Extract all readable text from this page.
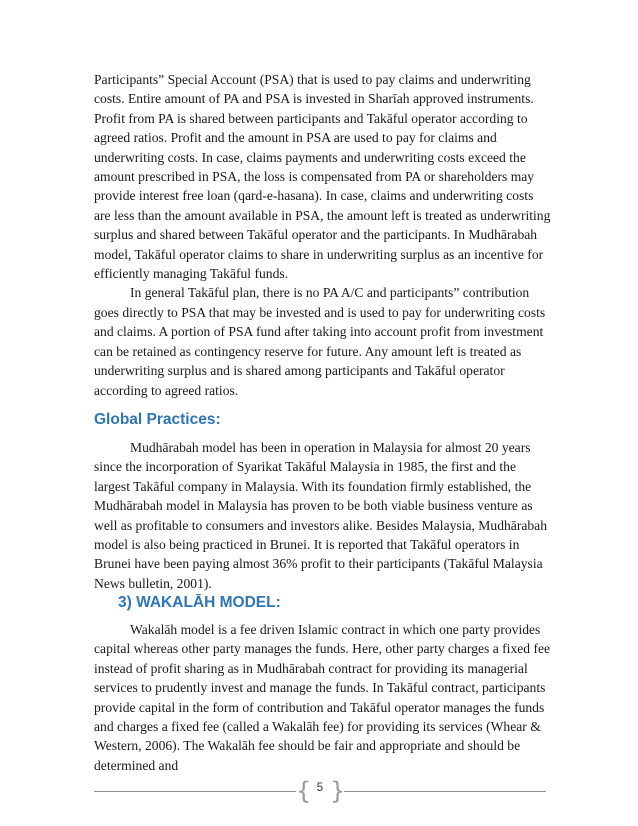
Participants” Special Account (PSA) that is used to pay claims and underwriting costs. Entire amount of PA and PSA is invested in Sharīah approved instruments. Profit from PA is shared between participants and Takāful operator according to agreed ratios. Profit and the amount in PSA are used to pay for claims and underwriting costs. In case, claims payments and underwriting costs exceed the amount prescribed in PSA, the loss is compensated from PA or shareholders may provide interest free loan (qard-e-hasana). In case, claims and underwriting costs are less than the amount available in PSA, the amount left is treated as underwriting surplus and shared between Takāful operator and the participants. In Mudhārabah model, Takāful operator claims to share in underwriting surplus as an incentive for efficiently managing Takāful funds.

In general Takāful plan, there is no PA A/C and participants” contribution goes directly to PSA that may be invested and is used to pay for underwriting costs and claims. A portion of PSA fund after taking into account profit from investment can be retained as contingency reserve for future. Any amount left is treated as underwriting surplus and is shared among participants and Takāful operator according to agreed ratios.

Global Practices:

Mudhārabah model has been in operation in Malaysia for almost 20 years since the incorporation of Syarikat Takāful Malaysia in 1985, the first and the largest Takāful company in Malaysia. With its foundation firmly established, the Mudhārabah model in Malaysia has proven to be both viable business venture as well as profitable to consumers and investors alike. Besides Malaysia, Mudhārabah model is also being practiced in Brunei. It is reported that Takāful operators in Brunei have been paying almost 36% profit to their participants (Takāful Malaysia News bulletin, 2001).

3) WAKALĀH MODEL:

Wakalāh model is a fee driven Islamic contract in which one party provides capital whereas other party manages the funds. Here, other party charges a fixed fee instead of profit sharing as in Mudhārabah contract for providing its managerial services to prudently invest and manage the funds. In Takāful contract, participants provide capital in the form of contribution and Takāful operator manages the funds and charges a fixed fee (called a Wakalāh fee) for providing its services (Whear & Western, 2006). The Wakalāh fee should be fair and appropriate and should be determined and

{ }
5
